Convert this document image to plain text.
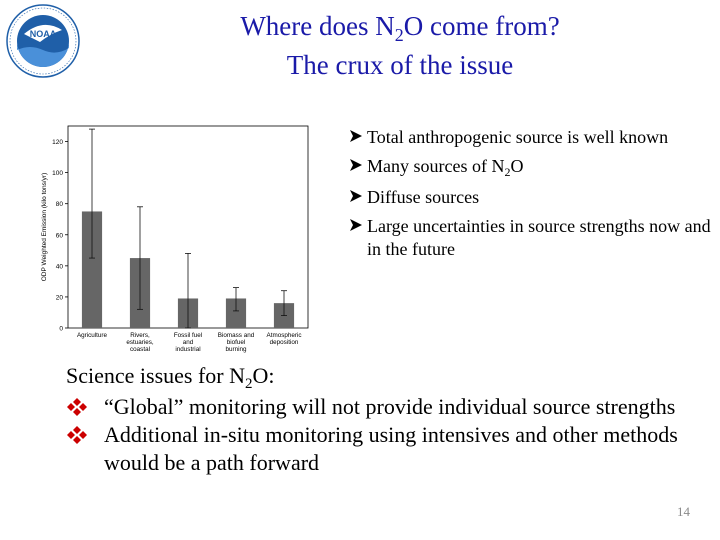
NOAA	Where does $N_2O$ come from?
The crux of the issue
0
20
40
60
80
100
120
ODP Weighted Emission (kilo tons/yr)
Agriculture	Rivers, estuaries, coastal
Fossil fuel and industrial
Biomass and biofuel burning
Atmospheric deposition
Total anthropogenic source is well known
Many sources of $N_2O$
Diffuse sources
Large uncertainties in source strengths now and in the future
Science issues for $N_2O$:
“Global” monitoring will not provide individual source strengths
Additional in-situ monitoring using intensives and other methods would be a path forward
14
